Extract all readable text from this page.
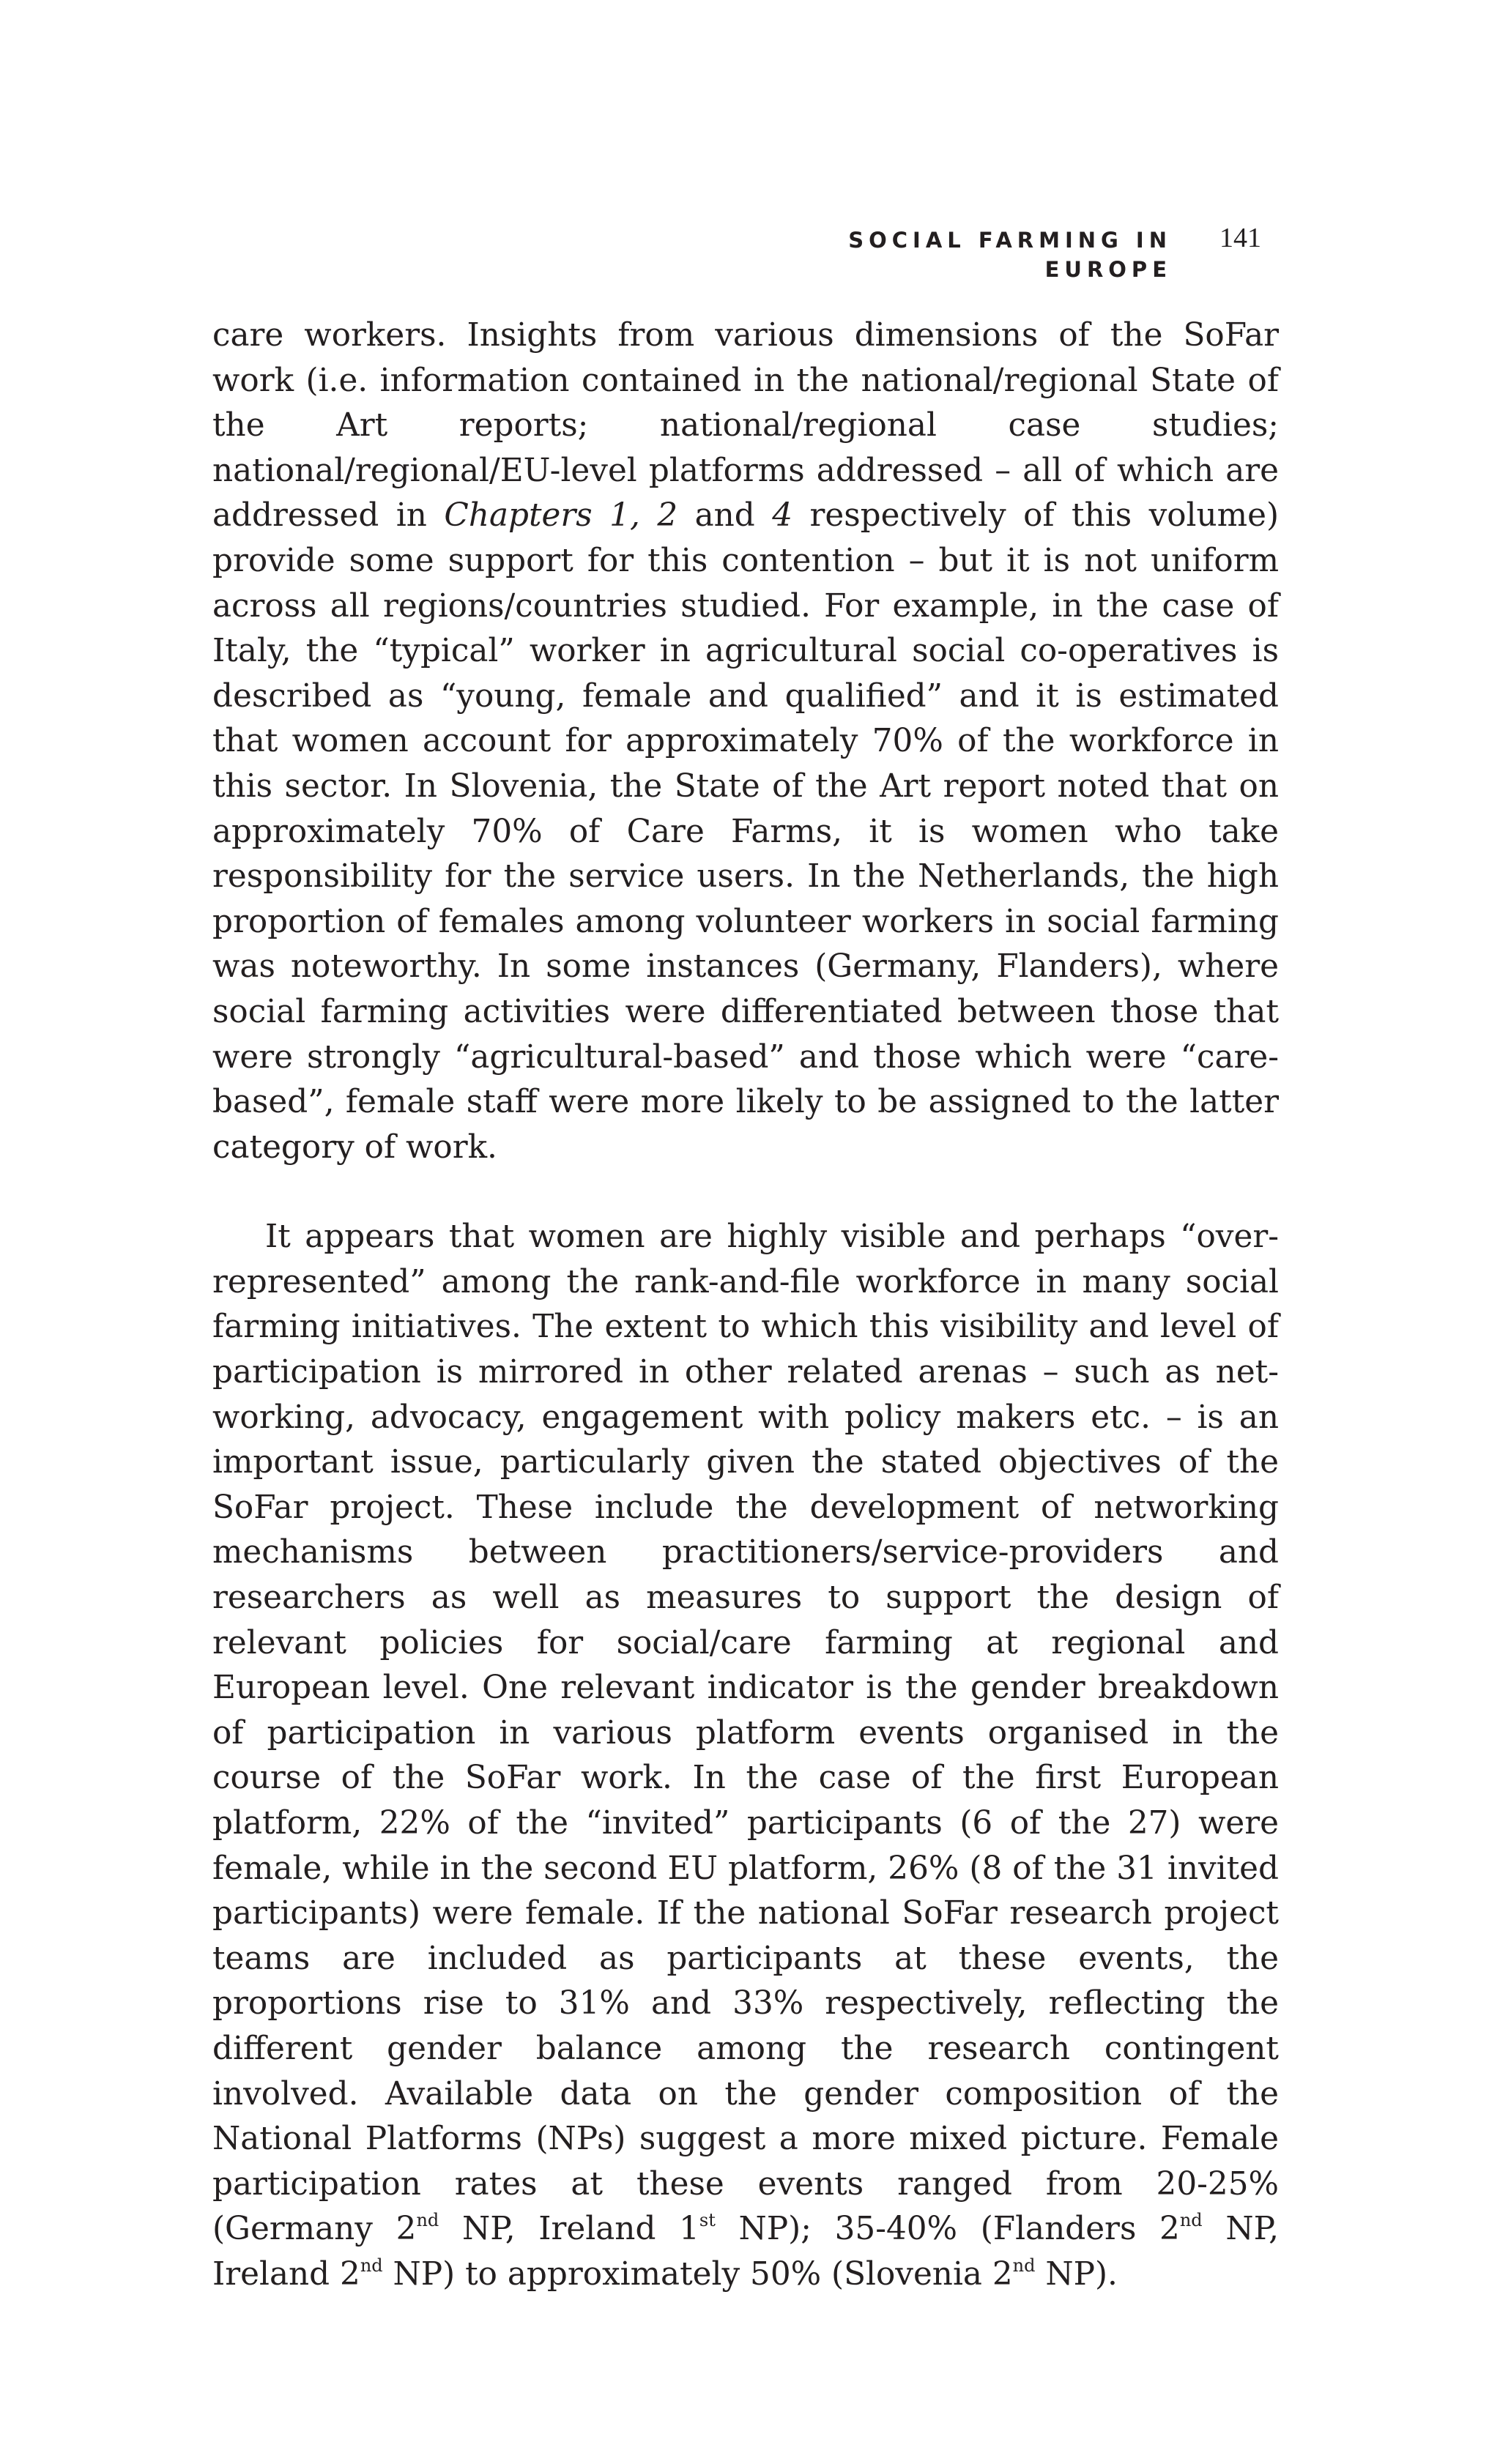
SOCIAL FARMING IN EUROPE
141

care workers. Insights from various dimensions of the SoFar work (i.e. information contained in the national/regional State of the Art reports; national/regional case studies; national/regional/EU-level platforms addressed – all of which are addressed in Chapters 1, 2 and 4 respectively of this volume) provide some support for this contention – but it is not uniform across all regions/countries studied. For example, in the case of Italy, the “typical” worker in agricultural social co-operatives is described as “young, female and qualified” and it is estimated that women account for approximately 70% of the workforce in this sector. In Slovenia, the State of the Art report noted that on approximately 70% of Care Farms, it is women who take responsibility for the service users. In the Netherlands, the high proportion of females among volunteer workers in social farming was noteworthy. In some instances (Germany, Flanders), where social farming activities were differentiated between those that were strongly “agricultural-based” and those which were “care-based”, female staff were more likely to be assigned to the latter category of work.

It appears that women are highly visible and perhaps “over-represented” among the rank-and-file workforce in many social farming initiatives. The extent to which this visibility and level of participation is mirrored in other related arenas – such as networking, advocacy, engagement with policy makers etc. – is an important issue, particularly given the stated objectives of the SoFar project. These include the development of networking mechanisms between practitioners/service-providers and researchers as well as measures to support the design of relevant policies for social/care farming at regional and European level. One relevant indicator is the gender breakdown of participation in various platform events organised in the course of the SoFar work. In the case of the first European platform, 22% of the “invited” participants (6 of the 27) were female, while in the second EU platform, 26% (8 of the 31 invited participants) were female. If the national SoFar research project teams are included as participants at these events, the proportions rise to 31% and 33% respectively, reflecting the different gender balance among the research contingent involved. Available data on the gender composition of the National Platforms (NPs) suggest a more mixed picture. Female participation rates at these events ranged from 20-25% (Germany 2nd NP, Ireland 1st NP); 35-40% (Flanders 2nd NP, Ireland 2nd NP) to approximately 50% (Slovenia 2nd NP).
